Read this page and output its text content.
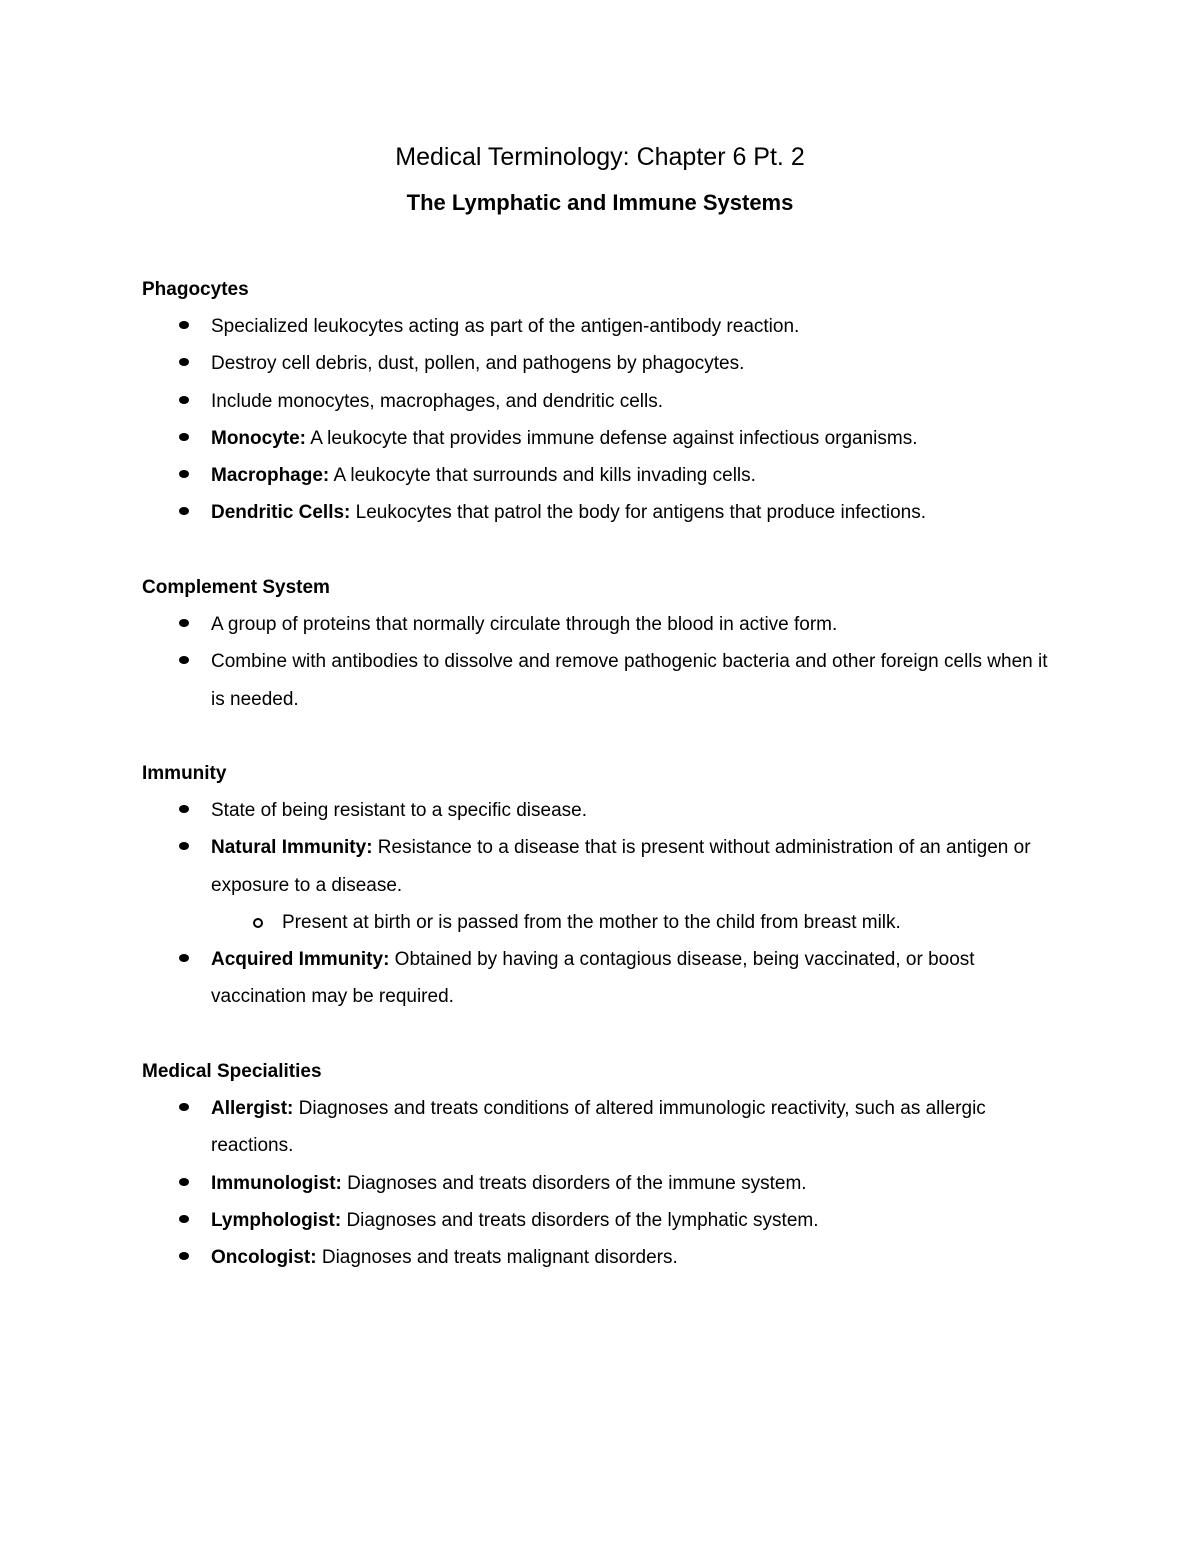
Medical Terminology: Chapter 6 Pt. 2
The Lymphatic and Immune Systems

Phagocytes

Specialized leukocytes acting as part of the antigen-antibody reaction.
Destroy cell debris, dust, pollen, and pathogens by phagocytes.
Include monocytes, macrophages, and dendritic cells.
Monocyte: A leukocyte that provides immune defense against infectious organisms.
Macrophage: A leukocyte that surrounds and kills invading cells.
Dendritic Cells: Leukocytes that patrol the body for antigens that produce infections.

Complement System

A group of proteins that normally circulate through the blood in active form.
Combine with antibodies to dissolve and remove pathogenic bacteria and other foreign cells when it is needed.

Immunity

State of being resistant to a specific disease.
Natural Immunity: Resistance to a disease that is present without administration of an antigen or exposure to a disease.
Present at birth or is passed from the mother to the child from breast milk.
Acquired Immunity: Obtained by having a contagious disease, being vaccinated, or boost vaccination may be required.

Medical Specialities

Allergist: Diagnoses and treats conditions of altered immunologic reactivity, such as allergic reactions.
Immunologist: Diagnoses and treats disorders of the immune system.
Lymphologist: Diagnoses and treats disorders of the lymphatic system.
Oncologist: Diagnoses and treats malignant disorders.
